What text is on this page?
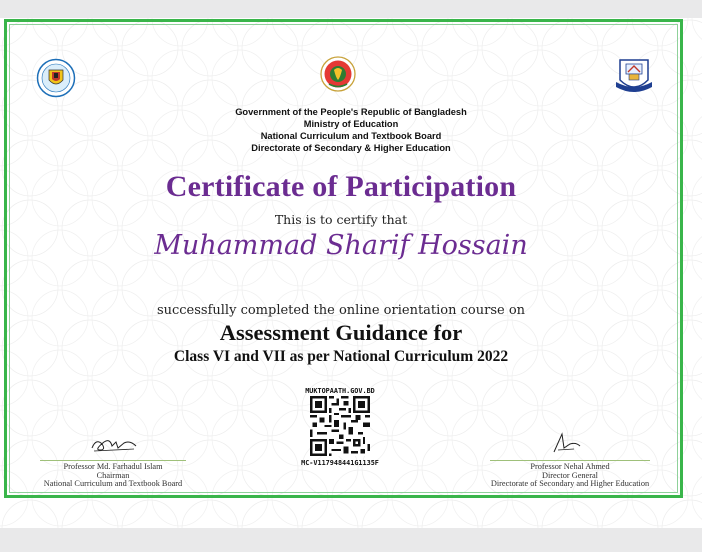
Government of the People's Republic of Bangladesh
Ministry of Education
National Curriculum and Textbook Board
Directorate of Secondary & Higher Education
Certificate of Participation
This is to certify that
Muhammad Sharif Hossain
successfully completed the online orientation course on
Assessment Guidance for
Class VI and VII as per National Curriculum 2022
MUKTOPAATH.GOV.BD
MC-V117948441G1135F
Professor Md. Farhadul Islam
Chairman
National Curriculum and Textbook Board
Professor Nehal Ahmed
Director General
Directorate of Secondary and Higher Education
